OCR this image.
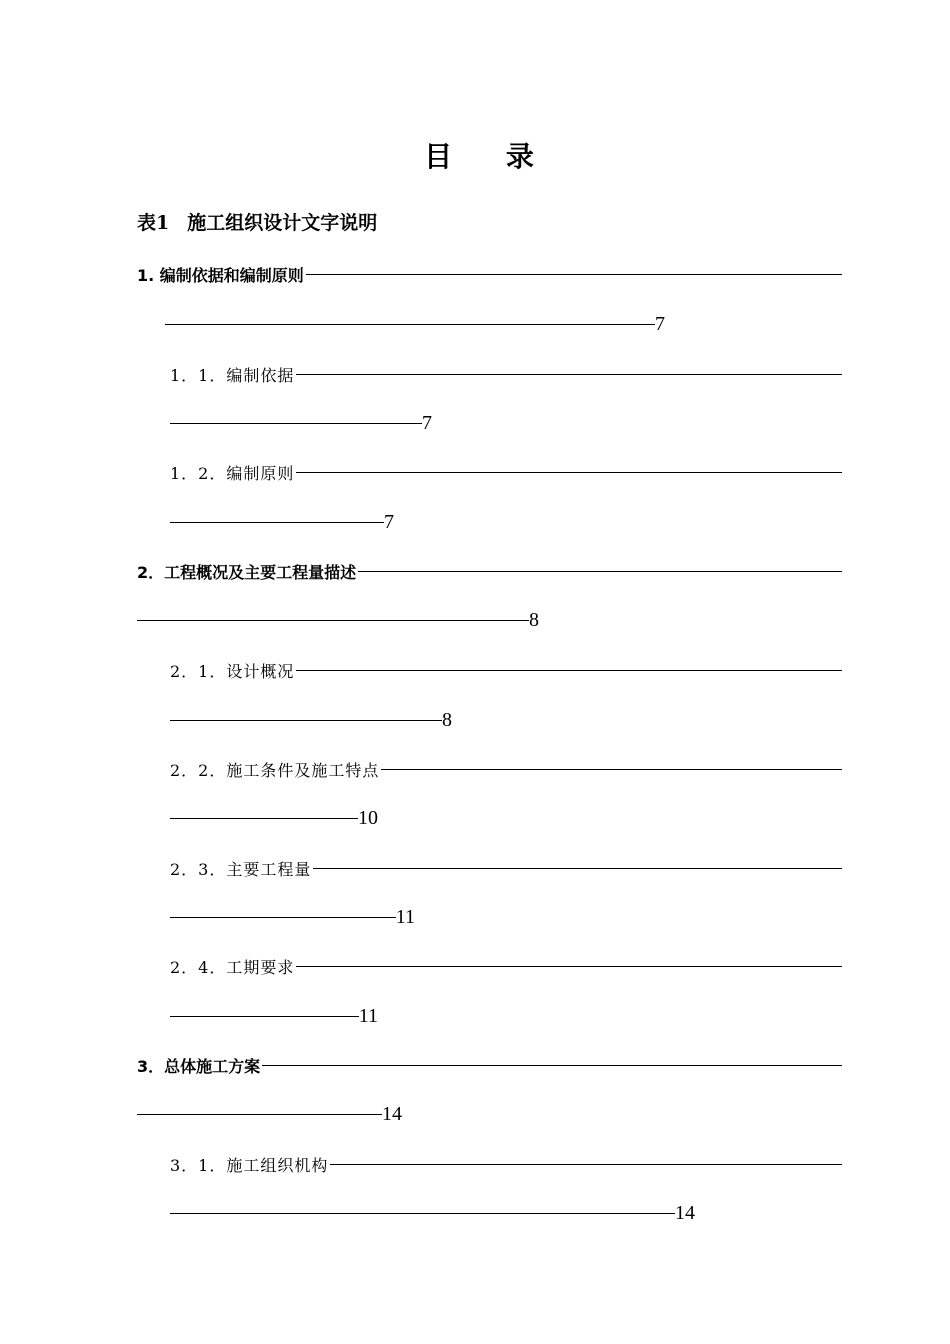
目 录
表1 施工组织设计文字说明
1. 编制依据和编制原则
7
1．1．编制依据
7
1．2．编制原则
7
2．工程概况及主要工程量描述
8
2．1．设计概况
8
2．2．施工条件及施工特点
10
2．3．主要工程量
11
2．4．工期要求
11
3．总体施工方案
14
3．1．施工组织机构
14
